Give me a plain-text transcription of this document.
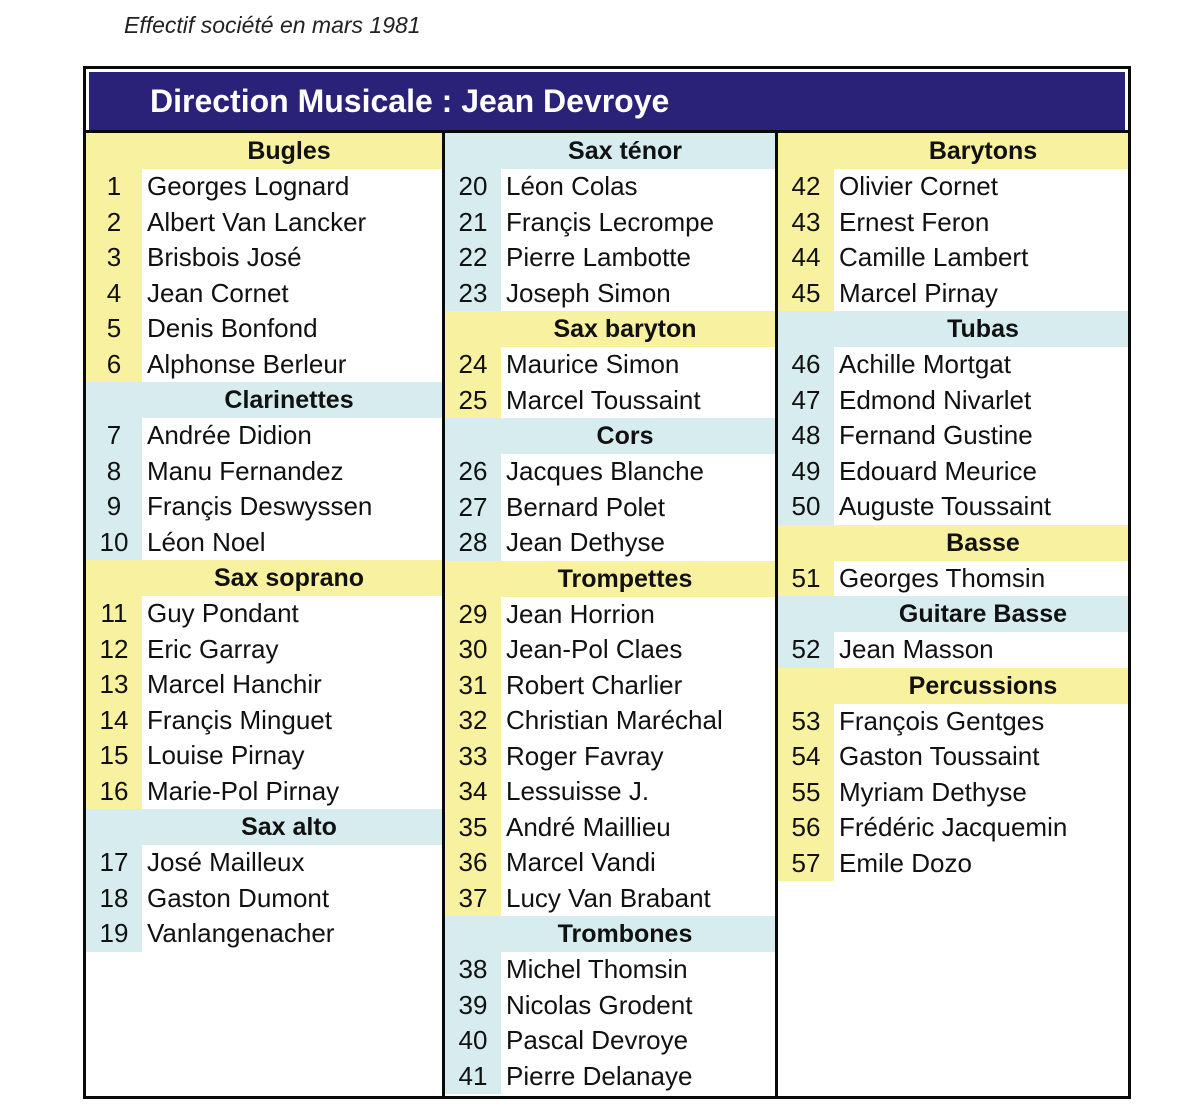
Effectif société en mars 1981
Direction Musicale : Jean Devroye
Bugles
1 Georges Lognard
2 Albert Van Lancker
3 Brisbois José
4 Jean Cornet
5 Denis Bonfond
6 Alphonse Berleur
Clarinettes
7 Andrée Didion
8 Manu Fernandez
9 Françis Deswyssen
10 Léon Noel
Sax soprano
11 Guy Pondant
12 Eric Garray
13 Marcel Hanchir
14 Françis Minguet
15 Louise Pirnay
16 Marie-Pol Pirnay
Sax alto
17 José Mailleux
18 Gaston Dumont
19 Vanlangenacher
Sax ténor
20 Léon Colas
21 Françis Lecrompe
22 Pierre Lambotte
23 Joseph Simon
Sax baryton
24 Maurice Simon
25 Marcel Toussaint
Cors
26 Jacques Blanche
27 Bernard Polet
28 Jean Dethyse
Trompettes
29 Jean Horrion
30 Jean-Pol Claes
31 Robert Charlier
32 Christian Maréchal
33 Roger Favray
34 Lessuisse J.
35 André Maillieu
36 Marcel Vandi
37 Lucy Van Brabant
Trombones
38 Michel Thomsin
39 Nicolas Grodent
40 Pascal Devroye
41 Pierre Delanaye
Barytons
42 Olivier Cornet
43 Ernest Feron
44 Camille Lambert
45 Marcel Pirnay
Tubas
46 Achille Mortgat
47 Edmond Nivarlet
48 Fernand Gustine
49 Edouard Meurice
50 Auguste Toussaint
Basse
51 Georges Thomsin
Guitare Basse
52 Jean Masson
Percussions
53 François Gentges
54 Gaston Toussaint
55 Myriam Dethyse
56 Frédéric Jacquemin
57 Emile Dozo
